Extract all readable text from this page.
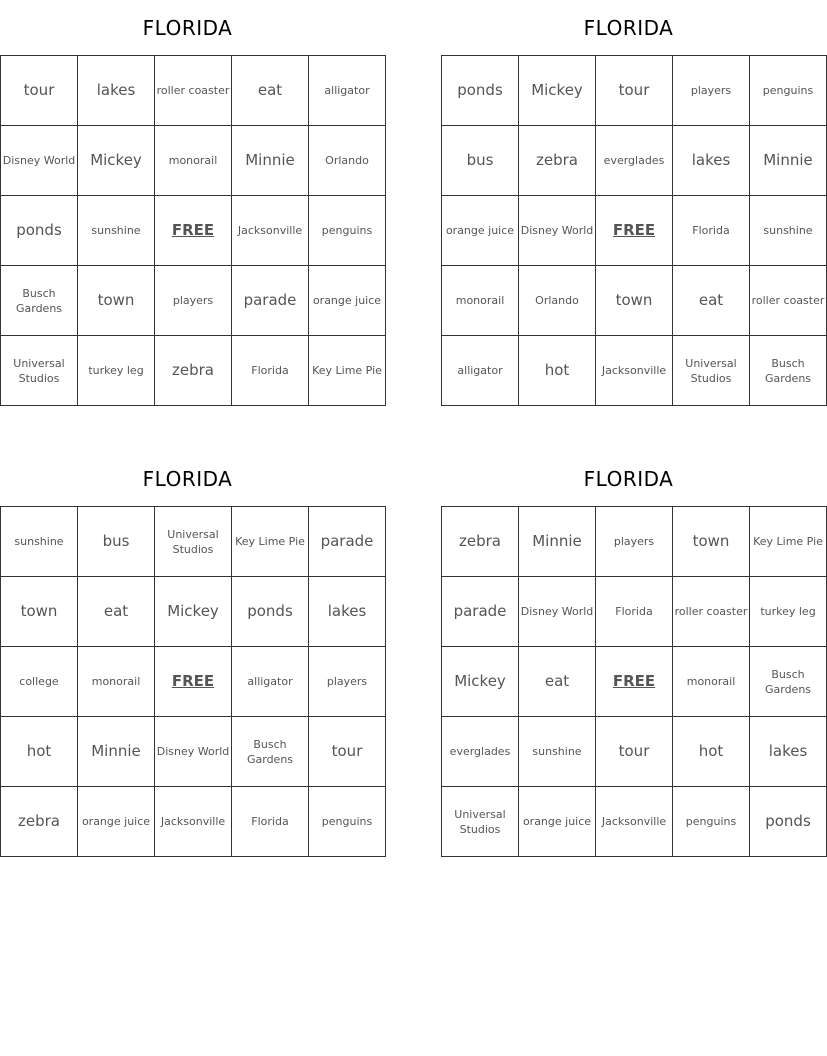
FLORIDA
tour	lakes	roller coaster	eat	alligator
Disney World	Mickey	monorail	Minnie	Orlando
ponds	sunshine	FREE	Jacksonville	penguins
Busch Gardens	town	players	parade	orange juice
Universal Studios	turkey leg	zebra	Florida	Key Lime Pie
FLORIDA
ponds	Mickey	tour	players	penguins
bus	zebra	everglades	lakes	Minnie
orange juice	Disney World	FREE	Florida	sunshine
monorail	Orlando	town	eat	roller coaster
alligator	hot	Jacksonville	Universal Studios	Busch Gardens
FLORIDA
sunshine	bus	Universal Studios	Key Lime Pie	parade
town	eat	Mickey	ponds	lakes
college	monorail	FREE	alligator	players
hot	Minnie	Disney World	Busch Gardens	tour
zebra	orange juice	Jacksonville	Florida	penguins
FLORIDA
zebra	Minnie	players	town	Key Lime Pie
parade	Disney World	Florida	roller coaster	turkey leg
Mickey	eat	FREE	monorail	Busch Gardens
everglades	sunshine	tour	hot	lakes
Universal Studios	orange juice	Jacksonville	penguins	ponds
